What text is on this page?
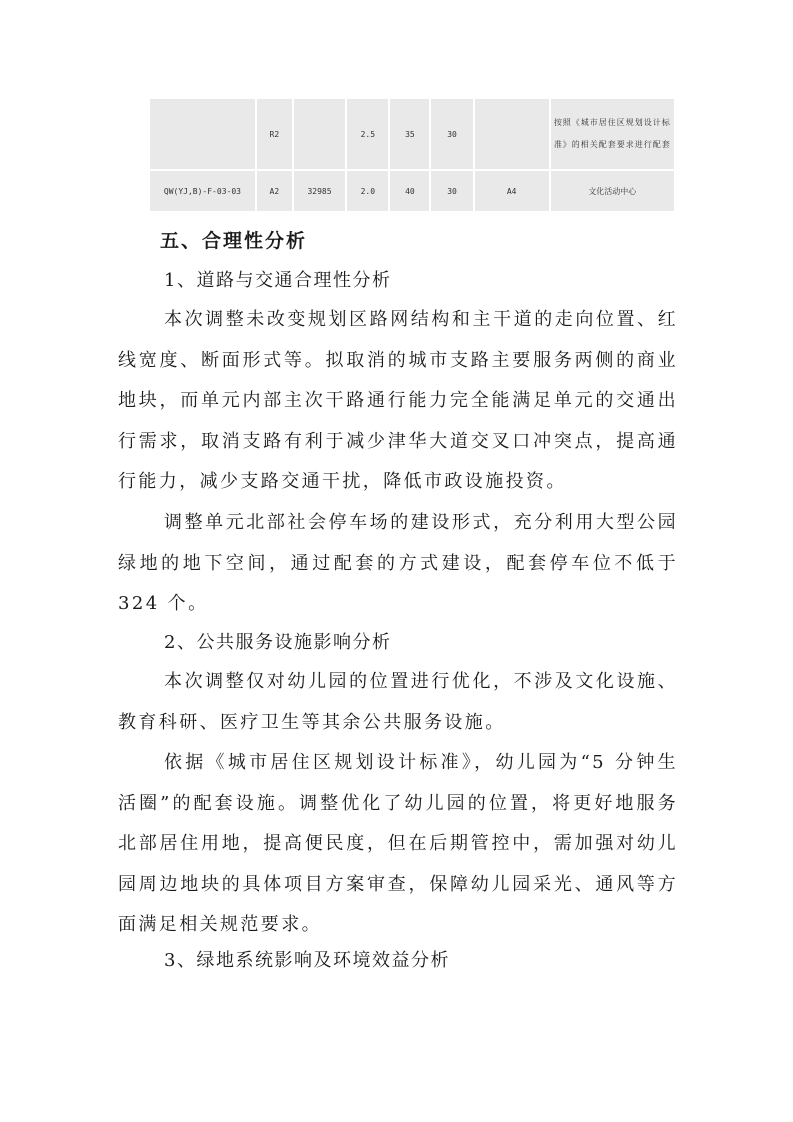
	R2		2.5	35	30		按照《城市居住区规划设计标准》的相关配套要求进行配套
QW(YJ,B)-F-03-03	A2	32985	2.0	40	30	A4	文化活动中心
五、合理性分析
1、道路与交通合理性分析

本次调整未改变规划区路网结构和主干道的走向位置、红线宽度、断面形式等。拟取消的城市支路主要服务两侧的商业地块，而单元内部主次干路通行能力完全能满足单元的交通出行需求，取消支路有利于减少津华大道交叉口冲突点，提高通行能力，减少支路交通干扰，降低市政设施投资。

调整单元北部社会停车场的建设形式，充分利用大型公园绿地的地下空间，通过配套的方式建设，配套停车位不低于 324 个。

2、公共服务设施影响分析

本次调整仅对幼儿园的位置进行优化，不涉及文化设施、教育科研、医疗卫生等其余公共服务设施。

依据《城市居住区规划设计标准》，幼儿园为“5 分钟生活圈”的配套设施。调整优化了幼儿园的位置，将更好地服务北部居住用地，提高便民度，但在后期管控中，需加强对幼儿园周边地块的具体项目方案审查，保障幼儿园采光、通风等方面满足相关规范要求。

3、绿地系统影响及环境效益分析
